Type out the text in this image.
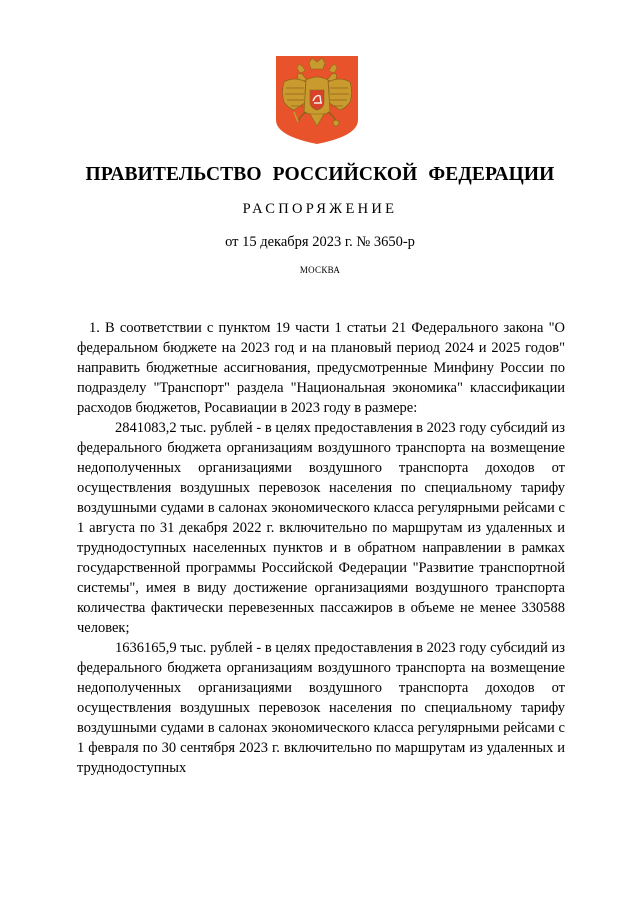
ПРАВИТЕЛЬСТВО РОССИЙСКОЙ ФЕДЕРАЦИИ
РАСПОРЯЖЕНИЕ
от 15 декабря 2023 г. № 3650-р
МОСКВА

1. В соответствии с пунктом 19 части 1 статьи 21 Федерального закона "О федеральном бюджете на 2023 год и на плановый период 2024 и 2025 годов" направить бюджетные ассигнования, предусмотренные Минфину России по подразделу "Транспорт" раздела "Национальная экономика" классификации расходов бюджетов, Росавиации в 2023 году в размере:

2841083,2 тыс. рублей - в целях предоставления в 2023 году субсидий из федерального бюджета организациям воздушного транспорта на возмещение недополученных организациями воздушного транспорта доходов от осуществления воздушных перевозок населения по специальному тарифу воздушными судами в салонах экономического класса регулярными рейсами с 1 августа по 31 декабря 2022 г. включительно по маршрутам из удаленных и труднодоступных населенных пунктов и в обратном направлении в рамках государственной программы Российской Федерации "Развитие транспортной системы", имея в виду достижение организациями воздушного транспорта количества фактически перевезенных пассажиров в объеме не менее 330588 человек;

1636165,9 тыс. рублей - в целях предоставления в 2023 году субсидий из федерального бюджета организациям воздушного транспорта на возмещение недополученных организациями воздушного транспорта доходов от осуществления воздушных перевозок населения по специальному тарифу воздушными судами в салонах экономического класса регулярными рейсами с 1 февраля по 30 сентября 2023 г. включительно по маршрутам из удаленных и труднодоступных
